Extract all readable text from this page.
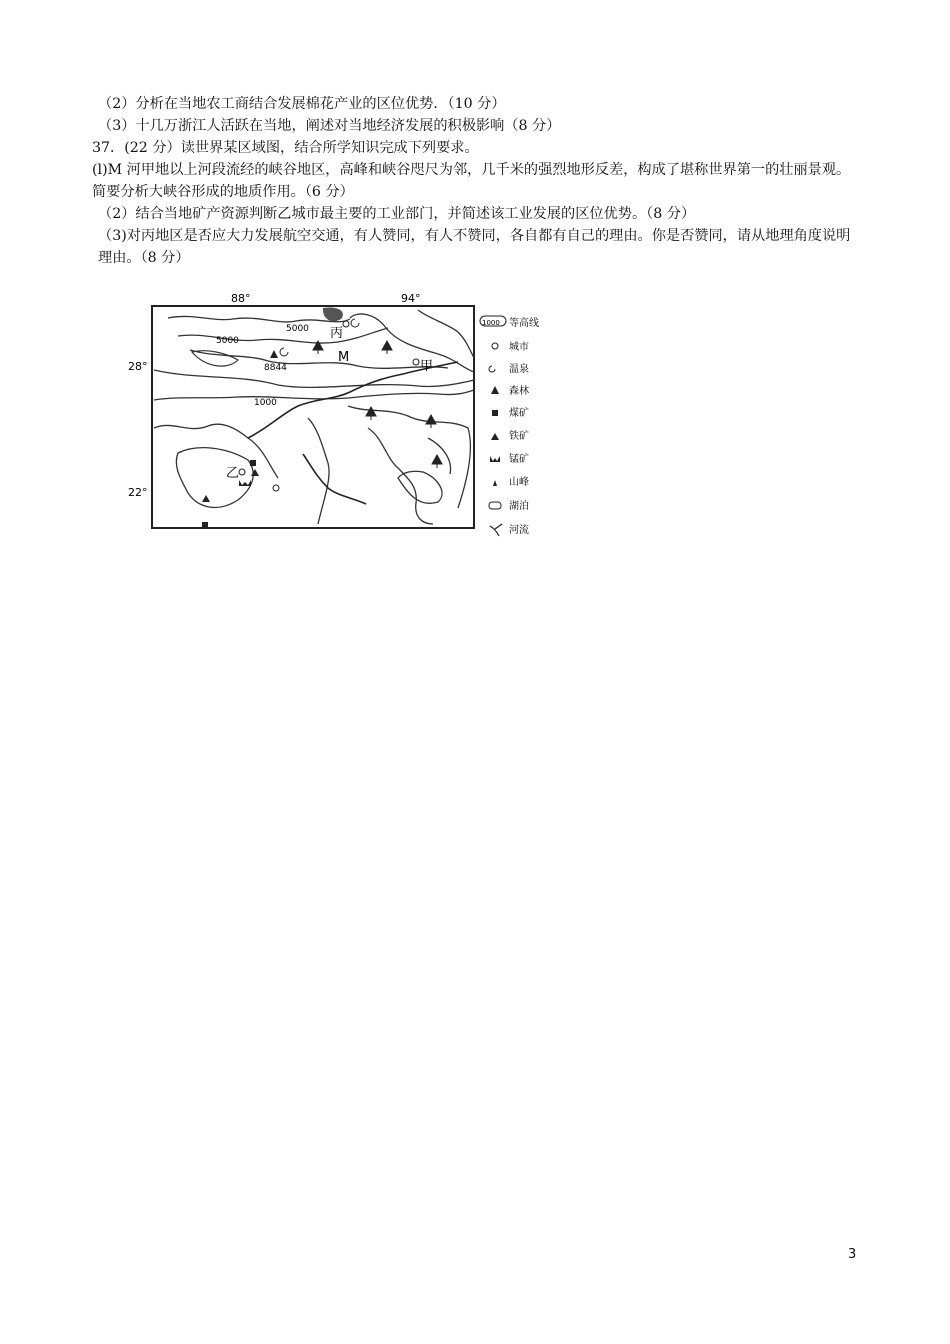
（2）分析在当地农工商结合发展棉花产业的区位优势．（10 分）
（3）十几万浙江人活跃在当地，阐述对当地经济发展的积极影响（8 分）
37．(22 分）读世界某区域图，结合所学知识完成下列要求。
(l)M 河甲地以上河段流经的峡谷地区，高峰和峡谷咫尺为邻，几千米的强烈地形反差，构成了堪称世界第一的壮丽景观。简要分析大峡谷形成的地质作用。（6 分）
（2）结合当地矿产资源判断乙城市最主要的工业部门，并简述该工业发展的区位优势。（8 分）
（3)对丙地区是否应大力发展航空交通，有人赞同，有人不赞同，各自都有自己的理由。你是否赞同，请从地理角度说明理由。（8 分）
5000
5000
8844
1000
88°	94°
28°
22°
丙
甲
乙
M
1000 等高线
城市
温泉
森林
煤矿
铁矿
锰矿
山峰
湖泊
河流
3
